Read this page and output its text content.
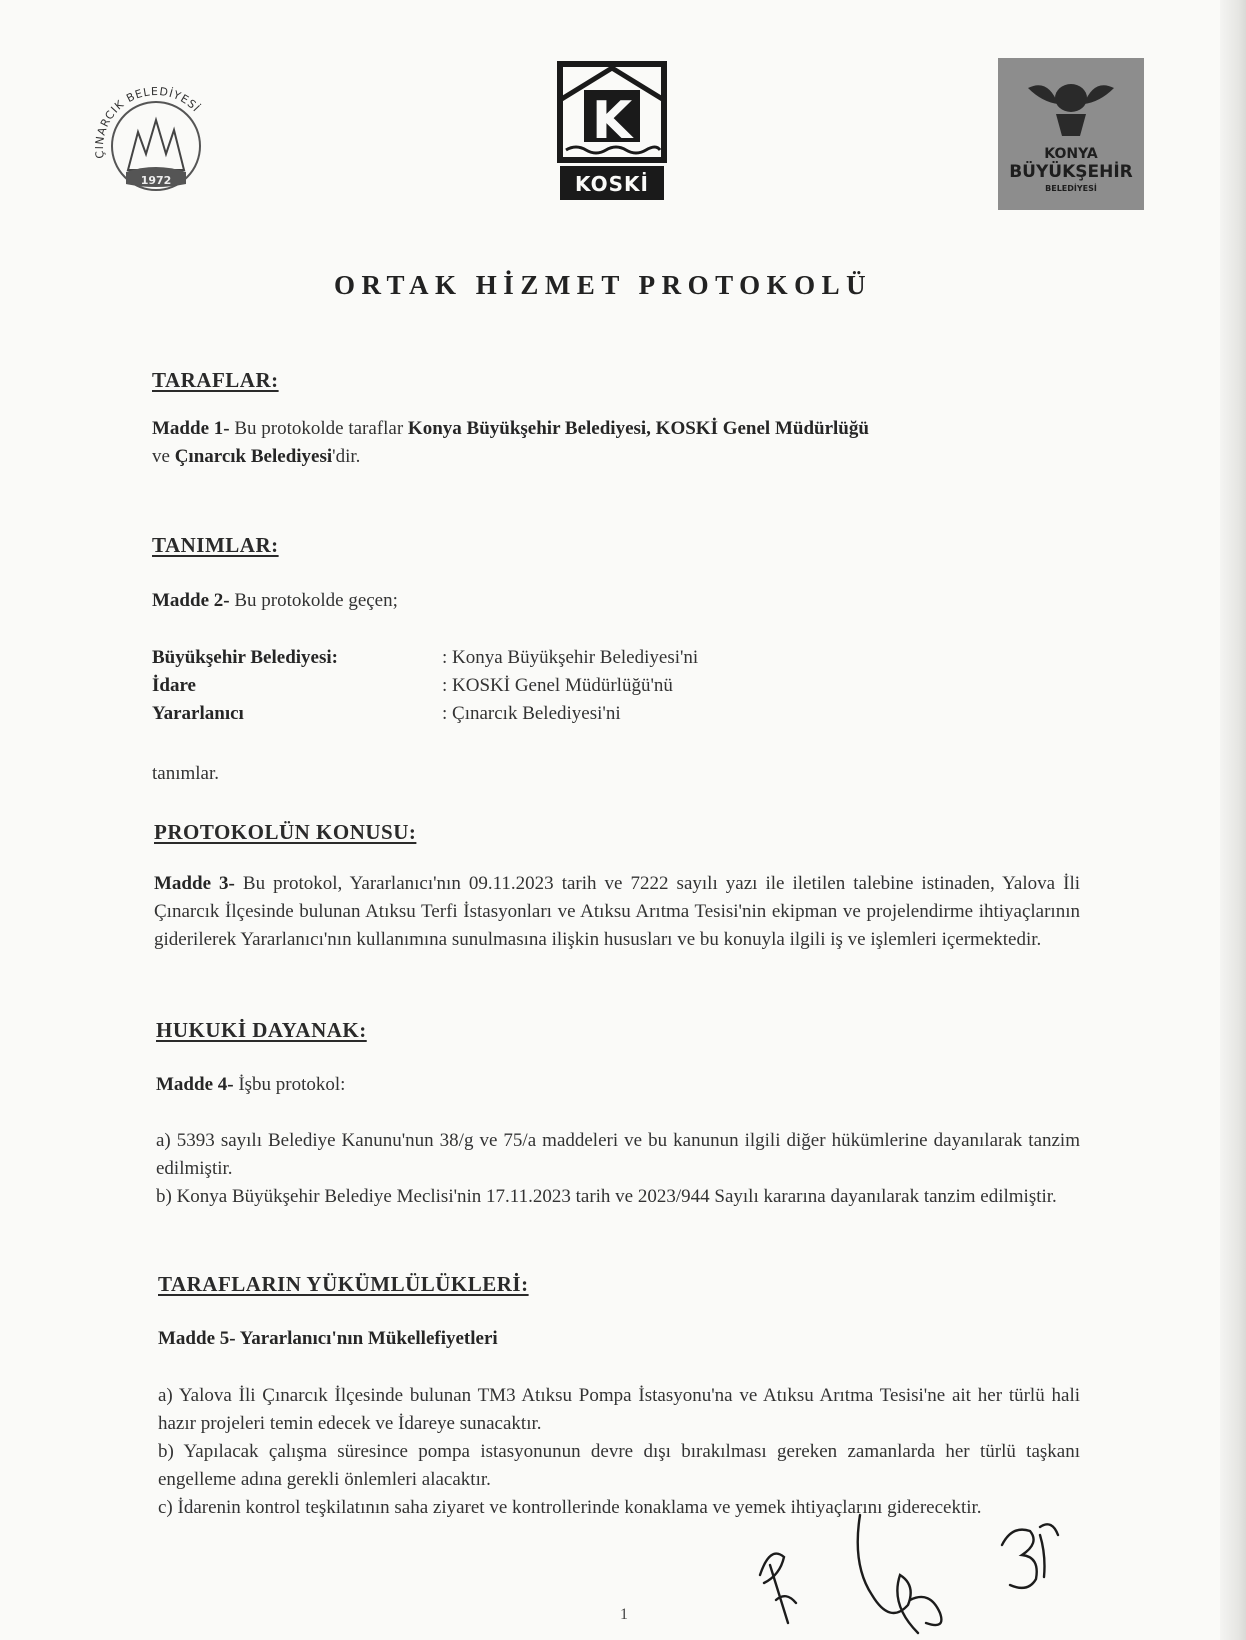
ÇINARCIK BELEDİYESİ
1972
K
KOSKİ
KONYA
BÜYÜKŞEHİR
BELEDİYESİ
ORTAK HİZMET PROTOKOLÜ
TARAFLAR:
Madde 1- Bu protokolde taraflar Konya Büyükşehir Belediyesi, KOSKİ Genel Müdürlüğü
ve Çınarcık Belediyesi'dir.
TANIMLAR:
Madde 2- Bu protokolde geçen;
Büyükşehir Belediyesi:	: Konya Büyükşehir Belediyesi'ni
İdare	: KOSKİ Genel Müdürlüğü'nü
Yararlanıcı	: Çınarcık Belediyesi'ni
tanımlar.
PROTOKOLÜN KONUSU:
Madde 3- Bu protokol, Yararlanıcı'nın 09.11.2023 tarih ve 7222 sayılı yazı ile iletilen talebine istinaden, Yalova İli Çınarcık İlçesinde bulunan Atıksu Terfi İstasyonları ve Atıksu Arıtma Tesisi'nin ekipman ve projelendirme ihtiyaçlarının giderilerek Yararlanıcı'nın kullanımına sunulmasına ilişkin hususları ve bu konuyla ilgili iş ve işlemleri içermektedir.
HUKUKİ DAYANAK:
Madde 4- İşbu protokol:
a) 5393 sayılı Belediye Kanunu'nun 38/g ve 75/a maddeleri ve bu kanunun ilgili diğer hükümlerine dayanılarak tanzim edilmiştir.
b) Konya Büyükşehir Belediye Meclisi'nin 17.11.2023 tarih ve 2023/944 Sayılı kararına dayanılarak tanzim edilmiştir.
TARAFLARIN YÜKÜMLÜLÜKLERİ:
Madde 5- Yararlanıcı'nın Mükellefiyetleri
a) Yalova İli Çınarcık İlçesinde bulunan TM3 Atıksu Pompa İstasyonu'na ve Atıksu Arıtma Tesisi'ne ait her türlü hali hazır projeleri temin edecek ve İdareye sunacaktır.
b) Yapılacak çalışma süresince pompa istasyonunun devre dışı bırakılması gereken zamanlarda her türlü taşkanı engelleme adına gerekli önlemleri alacaktır.
c) İdarenin kontrol teşkilatının saha ziyaret ve kontrollerinde konaklama ve yemek ihtiyaçlarını giderecektir.
1
